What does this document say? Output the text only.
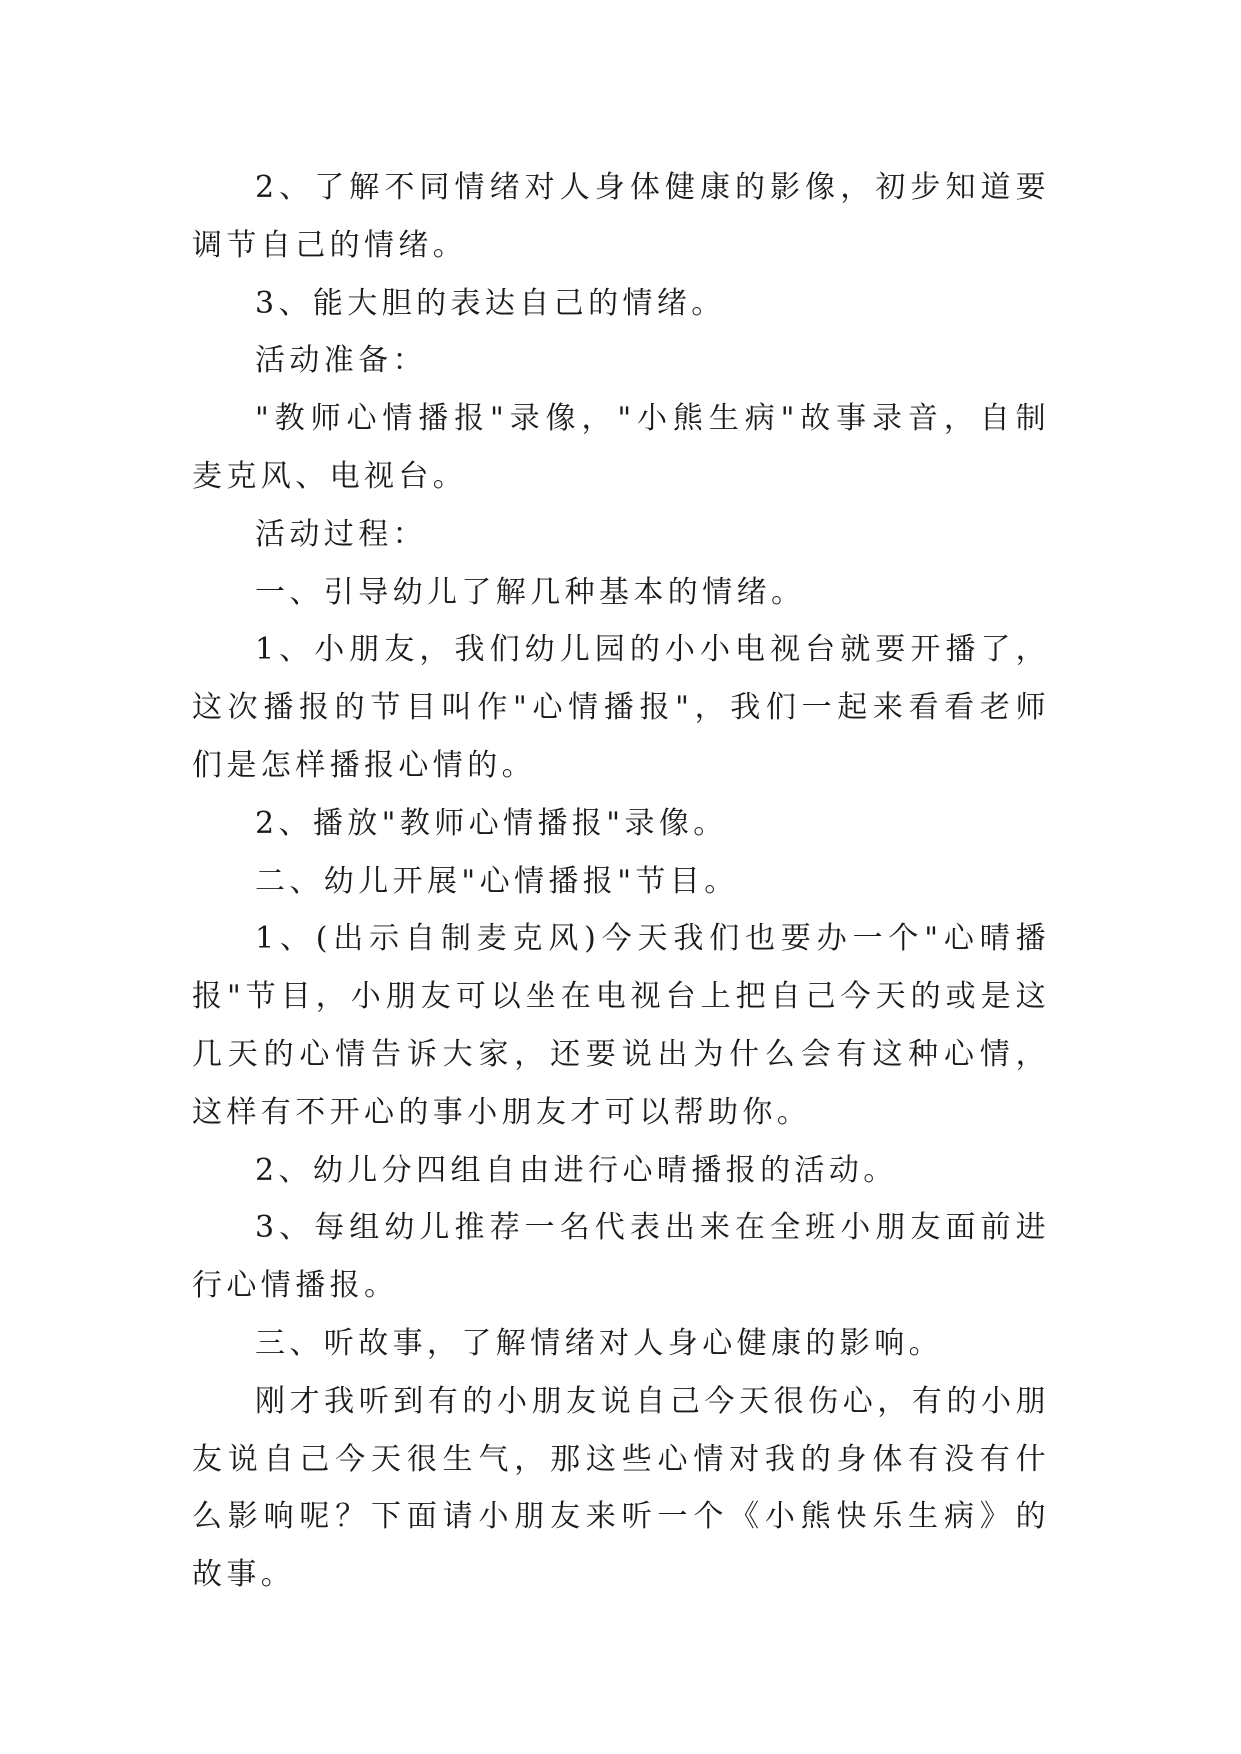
2、了解不同情绪对人身体健康的影像，初步知道要调节自己的情绪。

3、能大胆的表达自己的情绪。

活动准备：

"教师心情播报"录像，"小熊生病"故事录音，自制麦克风、电视台。

活动过程：

一、引导幼儿了解几种基本的情绪。

1、小朋友，我们幼儿园的小小电视台就要开播了，这次播报的节目叫作"心情播报"，我们一起来看看老师们是怎样播报心情的。

2、播放"教师心情播报"录像。

二、幼儿开展"心情播报"节目。

1、(出示自制麦克风)今天我们也要办一个"心晴播报"节目，小朋友可以坐在电视台上把自己今天的或是这几天的心情告诉大家，还要说出为什么会有这种心情，这样有不开心的事小朋友才可以帮助你。

2、幼儿分四组自由进行心晴播报的活动。

3、每组幼儿推荐一名代表出来在全班小朋友面前进行心情播报。

三、听故事，了解情绪对人身心健康的影响。

刚才我听到有的小朋友说自己今天很伤心，有的小朋友说自己今天很生气，那这些心情对我的身体有没有什么影响呢？下面请小朋友来听一个《小熊快乐生病》的故事。
